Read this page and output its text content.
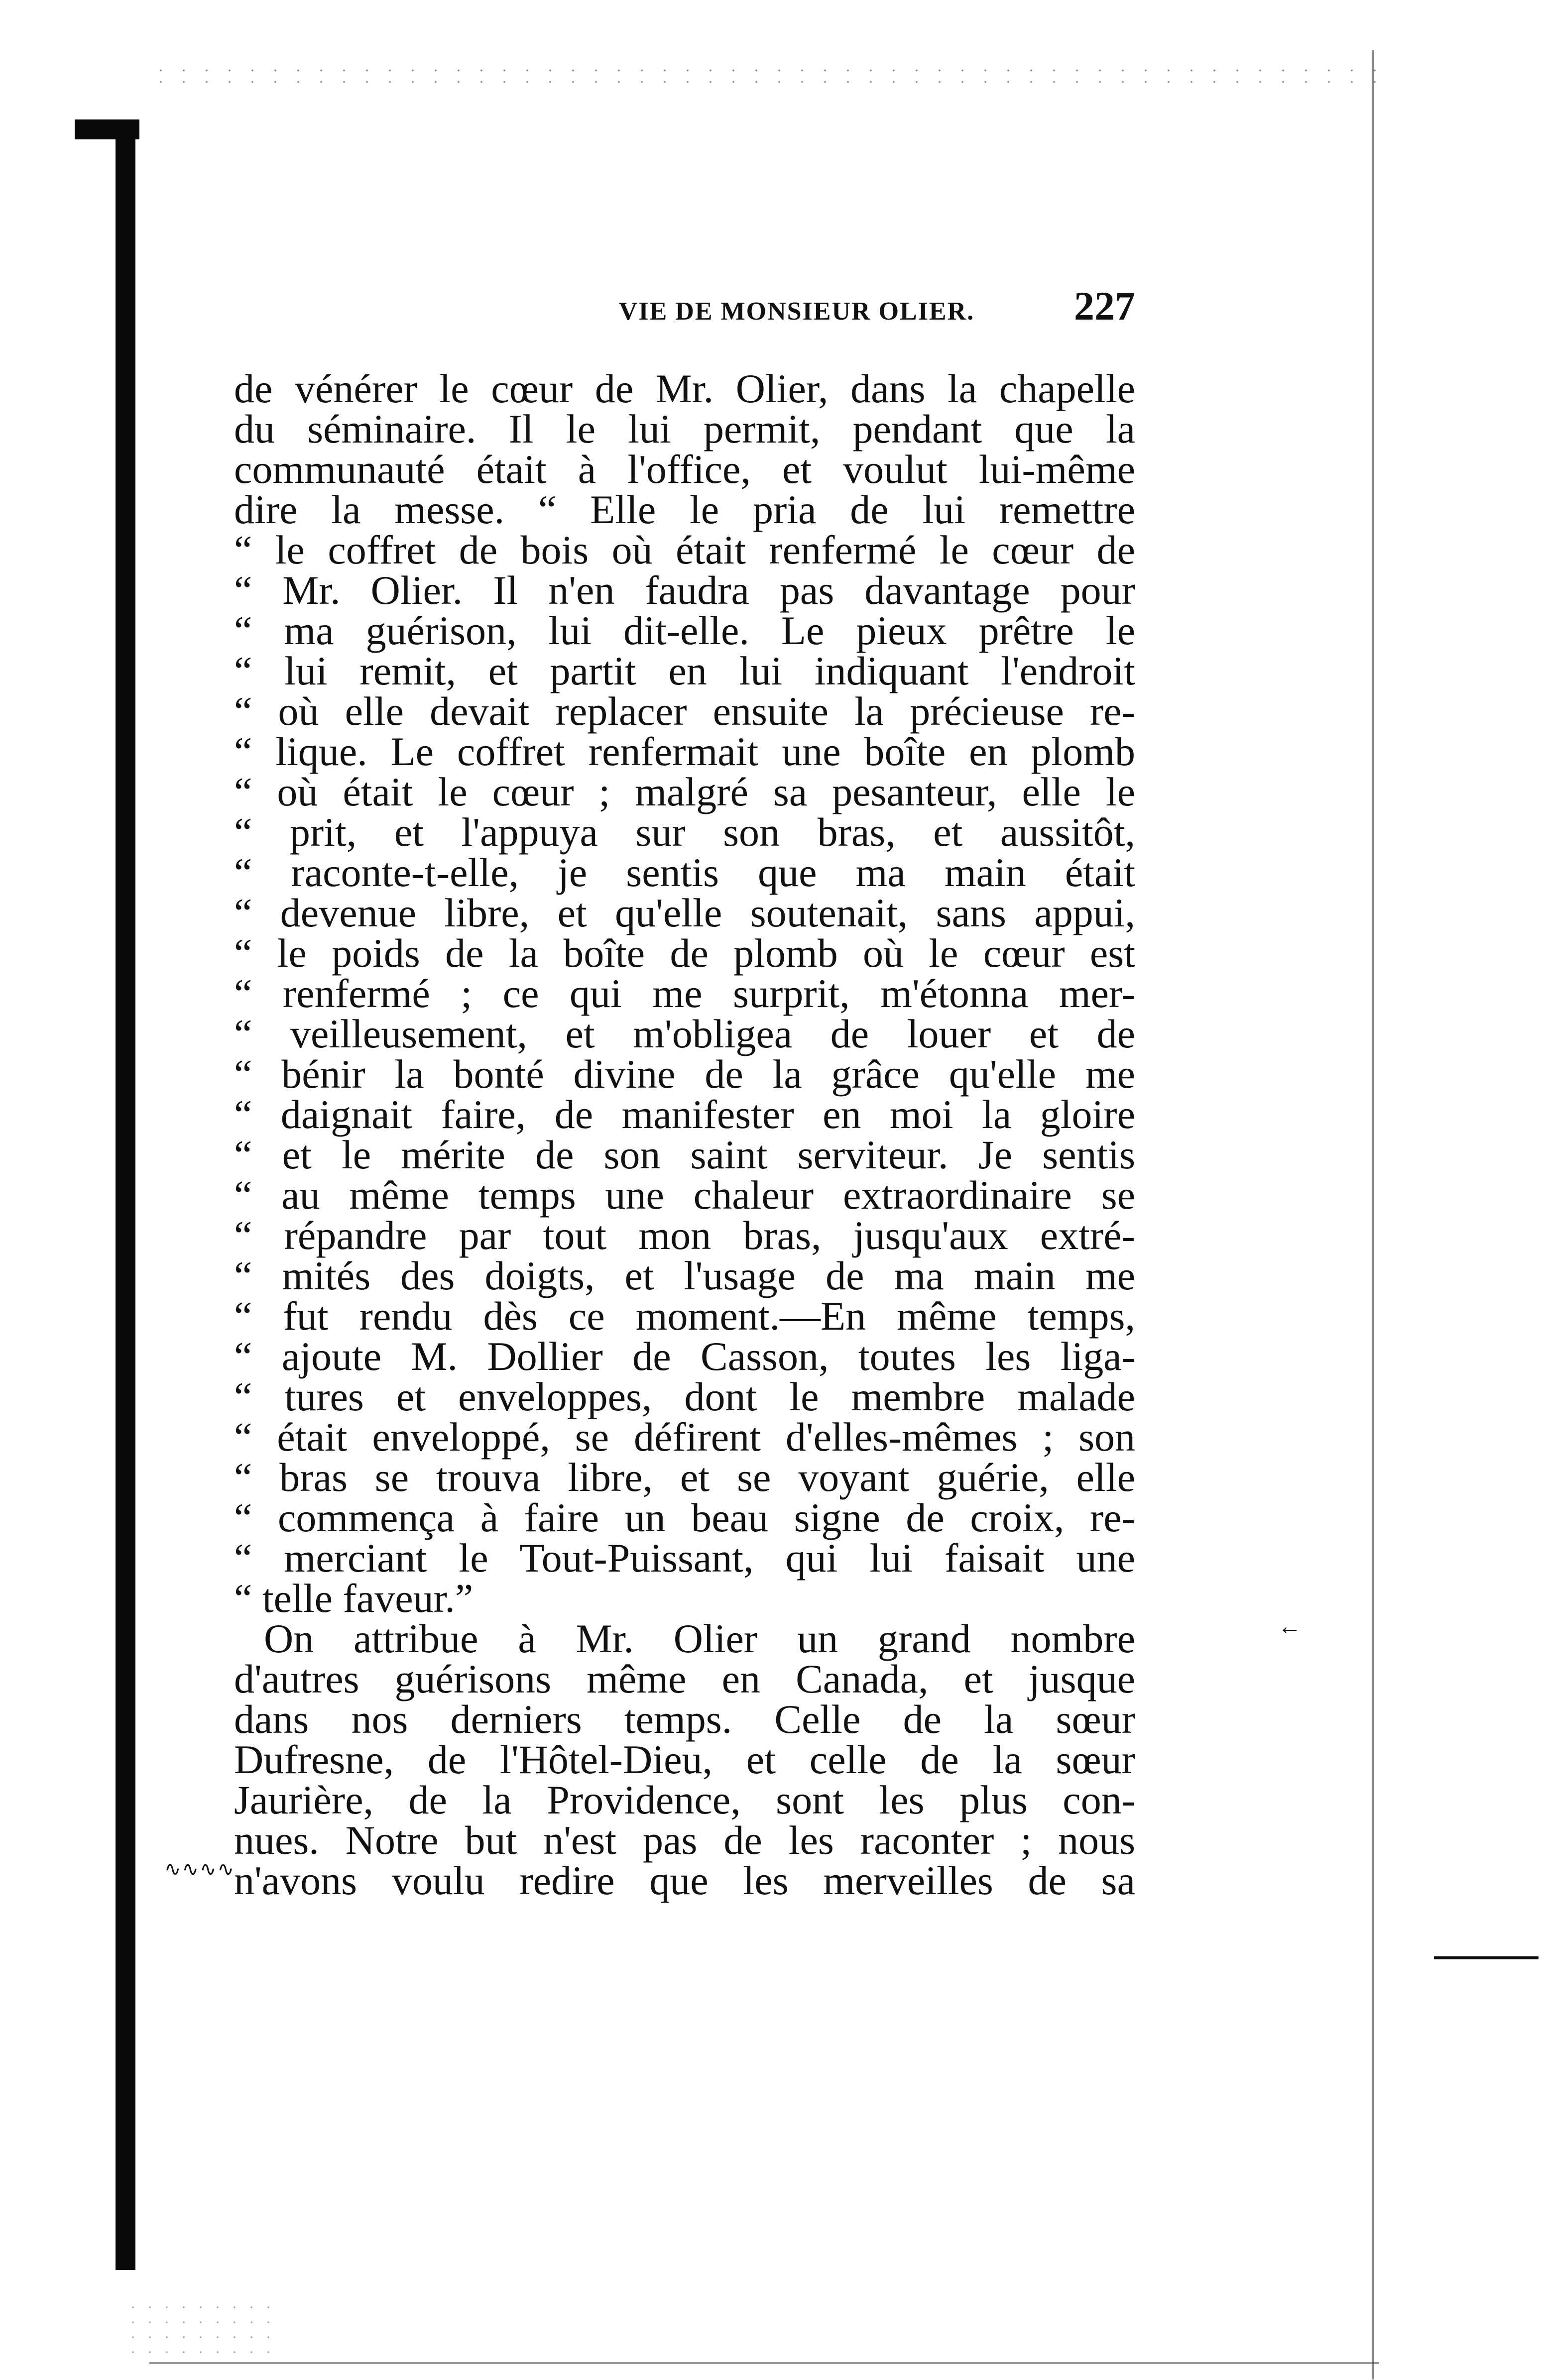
VIE DE MONSIEUR OLIER.	227
de vénérer le cœur de Mr. Olier, dans la chapelle
du séminaire. Il le lui permit, pendant que la
communauté était à l'office, et voulut lui-même
dire la messe. “ Elle le pria de lui remettre
“ le coffret de bois où était renfermé le cœur de
“ Mr. Olier. Il n'en faudra pas davantage pour
“ ma guérison, lui dit-elle. Le pieux prêtre le
“ lui remit, et partit en lui indiquant l'endroit
“ où elle devait replacer ensuite la précieuse re-
“ lique. Le coffret renfermait une boîte en plomb
“ où était le cœur ; malgré sa pesanteur, elle le
“ prit, et l'appuya sur son bras, et aussitôt,
“ raconte-t-elle, je sentis que ma main était
“ devenue libre, et qu'elle soutenait, sans appui,
“ le poids de la boîte de plomb où le cœur est
“ renfermé ; ce qui me surprit, m'étonna mer-
“ veilleusement, et m'obligea de louer et de
“ bénir la bonté divine de la grâce qu'elle me
“ daignait faire, de manifester en moi la gloire
“ et le mérite de son saint serviteur. Je sentis
“ au même temps une chaleur extraordinaire se
“ répandre par tout mon bras, jusqu'aux extré-
“ mités des doigts, et l'usage de ma main me
“ fut rendu dès ce moment.—En même temps,
“ ajoute M. Dollier de Casson, toutes les liga-
“ tures et enveloppes, dont le membre malade
“ était enveloppé, se défirent d'elles-mêmes ; son
“ bras se trouva libre, et se voyant guérie, elle
“ commença à faire un beau signe de croix, re-
“ merciant le Tout-Puissant, qui lui faisait une
“ telle faveur.”
On attribue à Mr. Olier un grand nombre
d'autres guérisons même en Canada, et jusque
dans nos derniers temps. Celle de la sœur
Dufresne, de l'Hôtel-Dieu, et celle de la sœur
Jaurière, de la Providence, sont les plus con-
nues. Notre but n'est pas de les raconter ; nous
n'avons voulu redire que les merveilles de sa
←
∿∿∿∿
